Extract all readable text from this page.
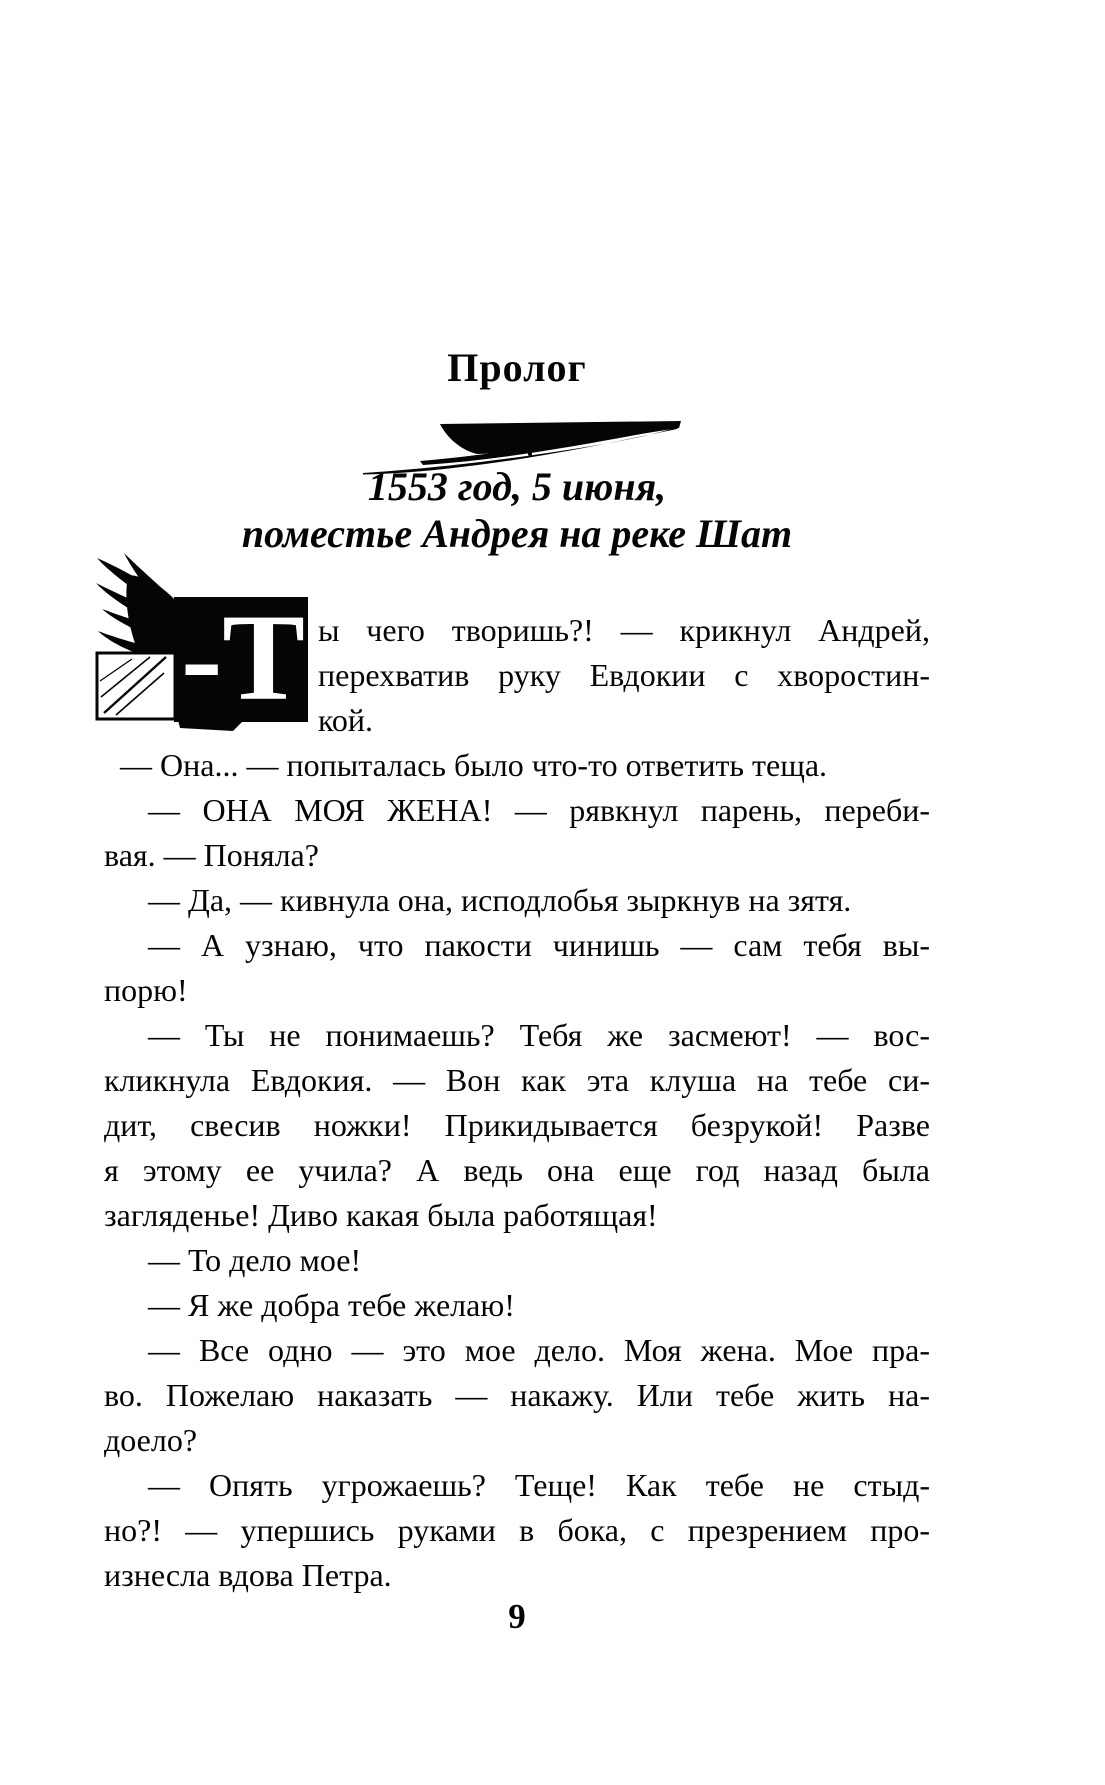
Пролог
1553 год, 5 июня,
поместье Андрея на реке Шат
-Т ы чего творишь?! — крикнул Андрей,
перехватив руку Евдокии с хворостин-
кой.

— Она... — попыталась было что-то ответить теща.

— ОНА МОЯ ЖЕНА! — рявкнул парень, переби-
вая. — Поняла?

— Да, — кивнула она, исподлобья зыркнув на зятя.

— А узнаю, что пакости чинишь — сам тебя вы-
порю!

— Ты не понимаешь? Тебя же засмеют! — вос-
кликнула Евдокия. — Вон как эта клуша на тебе си-
дит, свесив ножки! Прикидывается безрукой! Разве
я этому ее учила? А ведь она еще год назад была
загляденье! Диво какая была работящая!

— То дело мое!

— Я же добра тебе желаю!

— Все одно — это мое дело. Моя жена. Мое пра-
во. Пожелаю наказать — накажу. Или тебе жить на-
доело?

— Опять угрожаешь? Теще! Как тебе не стыд-
но?! — упершись руками в бока, с презрением про-
изнесла вдова Петра.

9
